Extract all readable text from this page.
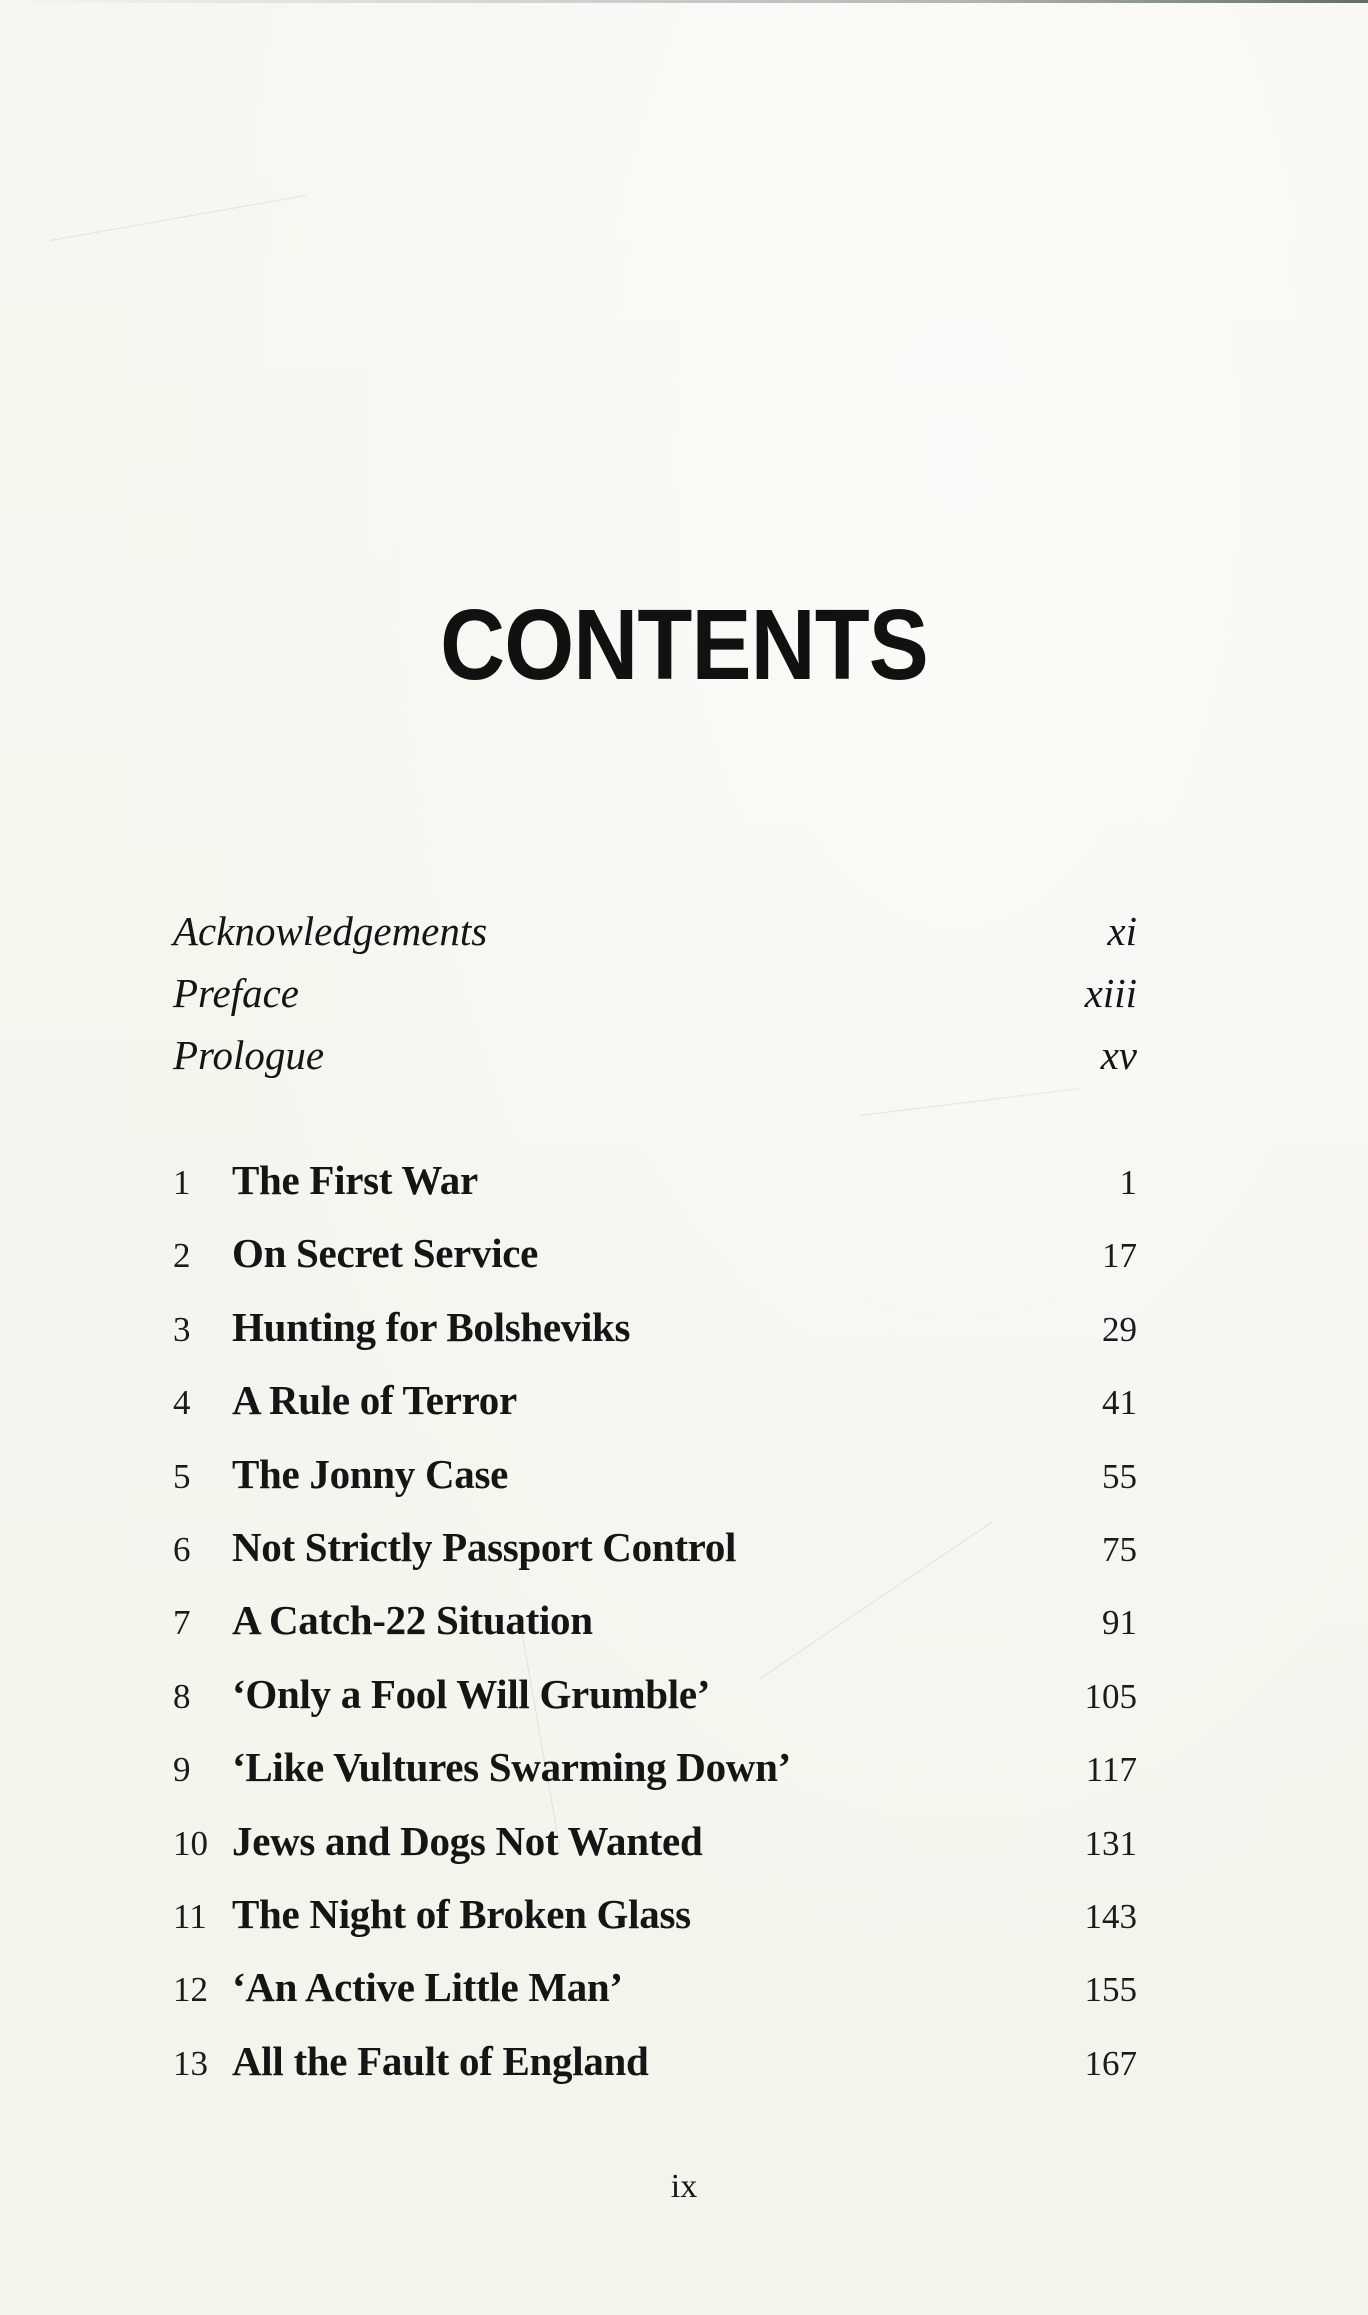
CONTENTS
Acknowledgements	xi
Preface	xiii
Prologue	xv
1 The First War	1
2 On Secret Service	17
3 Hunting for Bolsheviks	29
4 A Rule of Terror	41
5 The Jonny Case	55
6 Not Strictly Passport Control	75
7 A Catch-22 Situation	91
8 ‘Only a Fool Will Grumble’	105
9 ‘Like Vultures Swarming Down’	117
10 Jews and Dogs Not Wanted	131
11 The Night of Broken Glass	143
12 ‘An Active Little Man’	155
13 All the Fault of England	167
ix
